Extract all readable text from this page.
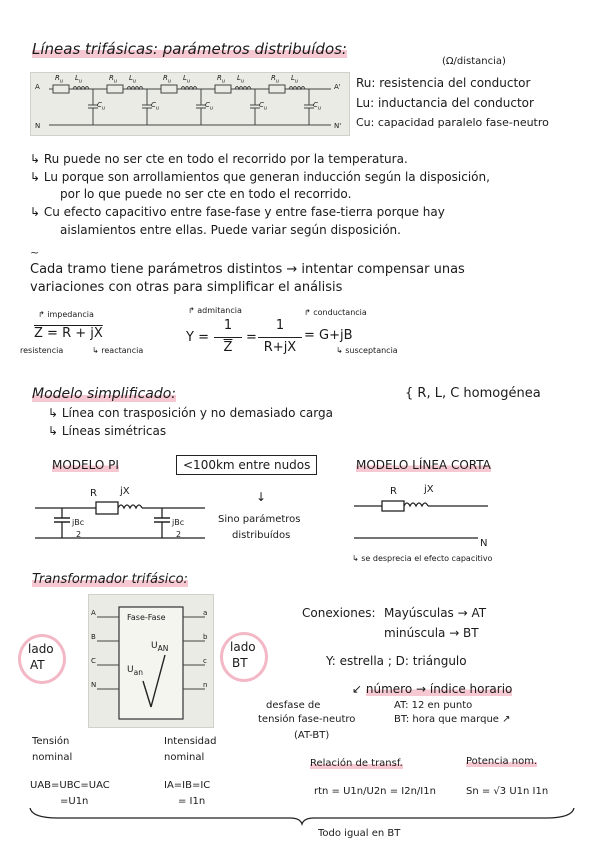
Líneas trifásicas: parámetros distribuídos:
(Ω/distancia)
A	A'
N	N'
$R_u$ $L_u$
$C_u$
$R_u$ $L_u$
$C_u$
$R_u$ $L_u$
$C_u$
$R_u$ $L_u$
$C_u$
$R_u$ $L_u$
$C_u$
Ru: resistencia del conductor
Lu: inductancia del conductor
Cu: capacidad paralelo fase-neutro
↳ Ru puede no ser cte en todo el recorrido por la temperatura.
↳ Lu porque son arrollamientos que generan inducción según la disposición,
por lo que puede no ser cte en todo el recorrido.
↳ Cu efecto capacitivo entre fase-fase y entre fase-tierra porque hay
aislamientos entre ellas. Puede variar según disposición.
~
Cada tramo tiene parámetros distintos → intentar compensar unas
variaciones con otras para simplificar el análisis
↱ impedancia
Z = R + jX
resistencia	↳ reactancia
↱ admitancia
Y =
1
$\overline{Z}$
=
1
R+jX
↱ conductancia
= G+jB
↳ susceptancia
Modelo simplificado:
↳ Línea con trasposición y no demasiado carga
↳ Líneas simétricas
{ R, L, C homogénea
MODELO PI	<100km entre nudos	MODELO LÍNEA CORTA
R jX
jBc
2
jBc
2
↓
Sino parámetros
distribuídos
R	jX
N
↳ se desprecia el efecto capacitivo
Transformador trifásico:
lado
AT
lado
BT
Fase-Fase
$U_{AN}$
$U_{an}$
A
B
C
N
a
b
c
n
Conexiones: Mayúsculas → AT
minúscula → BT
Y: estrella ; D: triángulo
↙ número → índice horario
desfase de
tensión fase-neutro
(AT-BT)
AT: 12 en punto
BT: hora que marque ↗
Tensión
nominal
UAB=UBC=UAC
=U1n
Intensidad
nominal
IA=IB=IC
= I1n
Relación de transf.
rtn = U1n/U2n = I2n/I1n
Potencia nom.
Sn = √3 U1n I1n
Todo igual en BT
